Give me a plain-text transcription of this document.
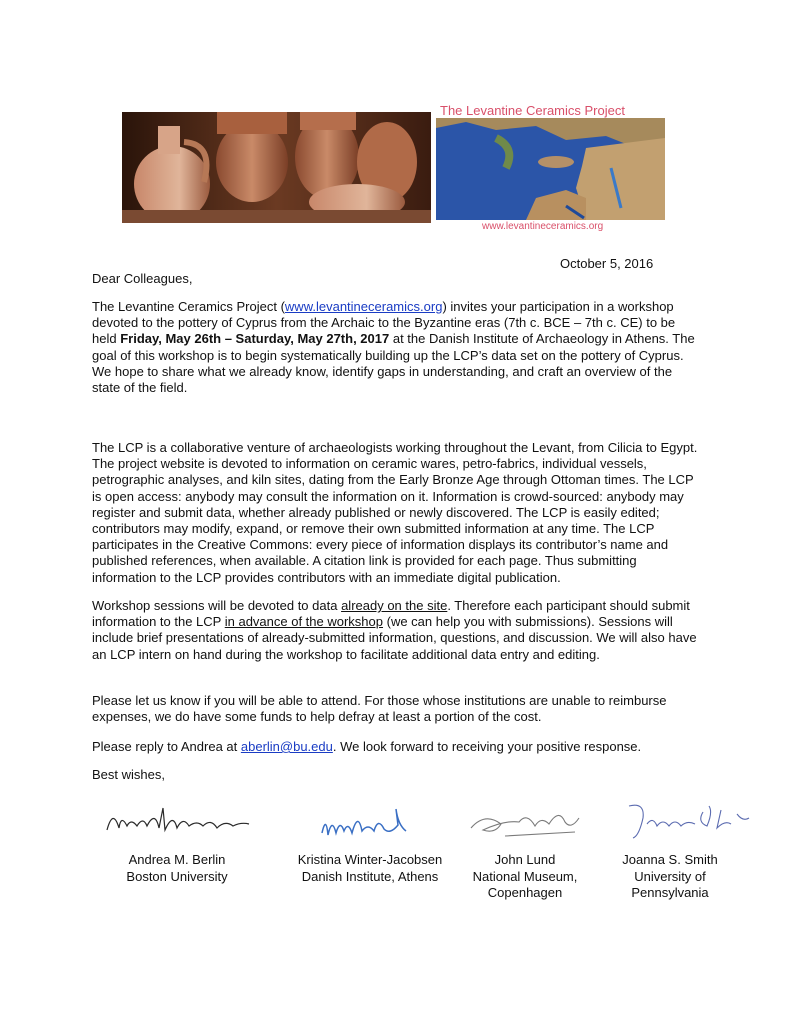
The Levantine Ceramics Project
www.levantineceramics.org
October 5, 2016
Dear Colleagues,

The Levantine Ceramics Project (www.levantineceramics.org) invites your participation in a workshop devoted to the pottery of Cyprus from the Archaic to the Byzantine eras (7th c. BCE – 7th c. CE) to be held Friday, May 26th – Saturday, May 27th, 2017 at the Danish Institute of Archaeology in Athens. The goal of this workshop is to begin systematically building up the LCP’s data set on the pottery of Cyprus. We hope to share what we already know, identify gaps in understanding, and craft an overview of the state of the field.

The LCP is a collaborative venture of archaeologists working throughout the Levant, from Cilicia to Egypt. The project website is devoted to information on ceramic wares, petro-fabrics, individual vessels, petrographic analyses, and kiln sites, dating from the Early Bronze Age through Ottoman times. The LCP is open access: anybody may consult the information on it. Information is crowd-sourced: anybody may register and submit data, whether already published or newly discovered. The LCP is easily edited; contributors may modify, expand, or remove their own submitted information at any time. The LCP participates in the Creative Commons: every piece of information displays its contributor’s name and published references, when available. A citation link is provided for each page. Thus submitting information to the LCP provides contributors with an immediate digital publication.

Workshop sessions will be devoted to data already on the site. Therefore each participant should submit information to the LCP in advance of the workshop (we can help you with submissions). Sessions will include brief presentations of already-submitted information, questions, and discussion. We will also have an LCP intern on hand during the workshop to facilitate additional data entry and editing.

Please let us know if you will be able to attend. For those whose institutions are unable to reimburse expenses, we do have some funds to help defray at least a portion of the cost.

Please reply to Andrea at aberlin@bu.edu. We look forward to receiving your positive response.

Best wishes,
Andrea M. Berlin
Boston University
Kristina Winter-Jacobsen
Danish Institute, Athens
John Lund
National Museum,
Copenhagen
Joanna S. Smith
University of
Pennsylvania
